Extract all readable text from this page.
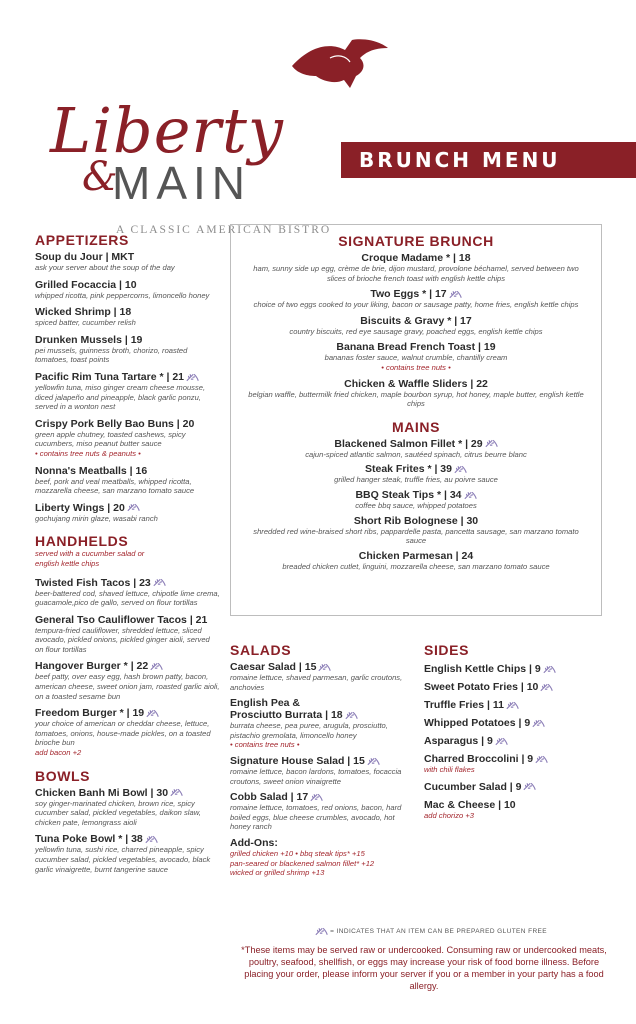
Liberty
&
MAIN
A CLASSIC AMERICAN BISTRO
BRUNCH MENU
APPETIZERS
Soup du Jour | MKT
ask your server about the soup of the day
Grilled Focaccia | 10
whipped ricotta, pink peppercorns, limoncello honey
Wicked Shrimp | 18
spiced batter, cucumber relish
Drunken Mussels | 19
pei mussels, guinness broth, chorizo, roasted tomatoes, toast points
Pacific Rim Tuna Tartare * | 21
yellowfin tuna, miso ginger cream cheese mousse, diced jalapeño and pineapple, black garlic ponzu, served in a wonton nest
Crispy Pork Belly Bao Buns | 20
green apple chutney, toasted cashews, spicy cucumbers, miso peanut butter sauce
• contains tree nuts & peanuts •
Nonna's Meatballs | 16
beef, pork and veal meatballs, whipped ricotta, mozzarella cheese, san marzano tomato sauce
Liberty Wings | 20
gochujang mirin glaze, wasabi ranch
HANDHELDS
served with a cucumber salad or english kettle chips
Twisted Fish Tacos | 23
beer-battered cod, shaved lettuce, chipotle lime crema, guacamole,pico de gallo, served on flour tortillas
General Tso Cauliflower Tacos | 21
tempura-fried cauliflower, shredded lettuce, sliced avocado, pickled onions, pickled ginger aioli, served on flour tortillas
Hangover Burger * | 22
beef patty, over easy egg, hash brown patty, bacon, american cheese, sweet onion jam, roasted garlic aioli, on a toasted sesame bun
Freedom Burger * | 19
your choice of american or cheddar cheese, lettuce, tomatoes, onions, house-made pickles, on a toasted brioche bun
add bacon +2
BOWLS
Chicken Banh Mi Bowl | 30
soy ginger-marinated chicken, brown rice, spicy cucumber salad, pickled vegetables, daikon slaw, chicken pate, lemongrass aioli
Tuna Poke Bowl * | 38
yellowfin tuna, sushi rice, charred pineapple, spicy cucumber salad, pickled vegetables, avocado, black garlic vinaigrette, burnt tangerine sauce
SIGNATURE BRUNCH
Croque Madame * | 18
ham, sunny side up egg, crème de brie, dijon mustard, provolone béchamel, served between two slices of brioche french toast with english kettle chips
Two Eggs * | 17
choice of two eggs cooked to your liking, bacon or sausage patty, home fries, english kettle chips
Biscuits & Gravy * | 17
country biscuits, red eye sausage gravy, poached eggs, english kettle chips
Banana Bread French Toast | 19
bananas foster sauce, walnut crumble, chantilly cream
• contains tree nuts •
Chicken & Waffle Sliders | 22
belgian waffle, buttermilk fried chicken, maple bourbon syrup, hot honey, maple butter, english kettle chips
MAINS
Blackened Salmon Fillet * | 29
cajun-spiced atlantic salmon, sautéed spinach, citrus beurre blanc
Steak Frites * | 39
grilled hanger steak, truffle fries, au poivre sauce
BBQ Steak Tips * | 34
coffee bbq sauce, whipped potatoes
Short Rib Bolognese | 30
shredded red wine-braised short ribs, pappardelle pasta, pancetta sausage, san marzano tomato sauce
Chicken Parmesan | 24
breaded chicken cutlet, linguini, mozzarella cheese, san marzano tomato sauce
SALADS
Caesar Salad | 15
romaine lettuce, shaved parmesan, garlic croutons, anchovies
English Pea &
Prosciutto Burrata | 18
burrata cheese, pea puree, arugula, prosciutto, pistachio gremolata, limoncello honey
• contains tree nuts •
Signature House Salad | 15
romaine lettuce, bacon lardons, tomatoes, focaccia croutons, sweet onion vinaigrette
Cobb Salad | 17
romaine lettuce, tomatoes, red onions, bacon, hard boiled eggs, blue cheese crumbles, avocado, hot honey ranch
Add-Ons:
grilled chicken +10 • bbq steak tips* +15
pan-seared or blackened salmon fillet* +12
wicked or grilled shrimp +13
SIDES
English Kettle Chips | 9
Sweet Potato Fries | 10
Truffle Fries | 11
Whipped Potatoes | 9
Asparagus | 9
Charred Broccolini | 9
with chili flakes
Cucumber Salad | 9
Mac & Cheese | 10
add chorizo +3
= INDICATES THAT AN ITEM CAN BE PREPARED GLUTEN FREE
*These items may be served raw or undercooked. Consuming raw or undercooked meats, poultry, seafood, shellfish, or eggs may increase your risk of food borne illness. Before placing your order, please inform your server if you or a member in your party has a food allergy.
